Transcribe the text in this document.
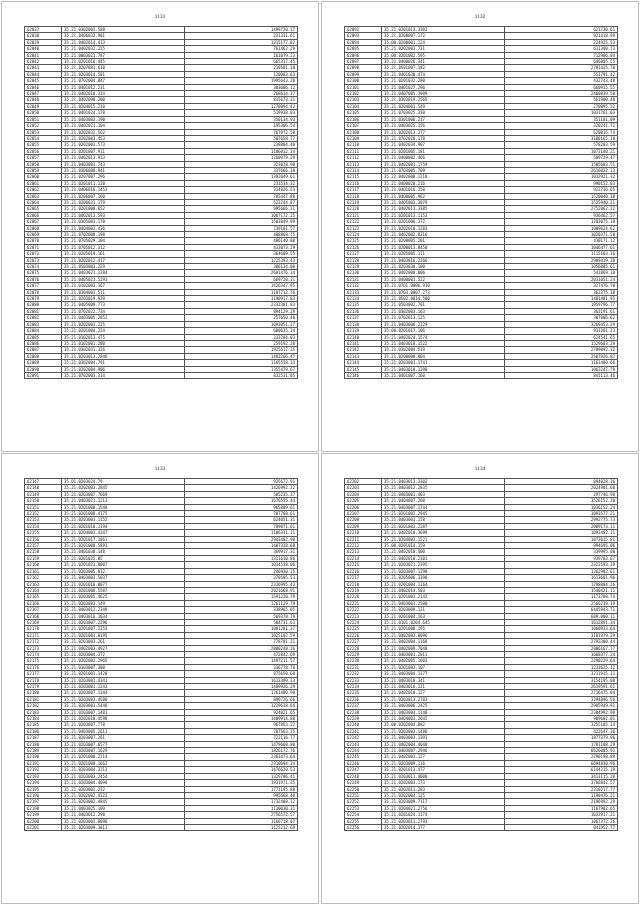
1131
62037	35.21.0302003.588	1499720.17
62038	35.21.0406032.901	231331.61
62039	35.21.0402014.413	1315177.82
62040	35.21.0402032.225	761462.29
62041	35.21.0003021.787	161079.23
62042	35.21.0201016.445	665317.45
62043	35.21.0207081.610	210501.18
62044	35.21.0203014.581	120083.63
62045	35.21.0702004.847	1995643.20
62046	35.21.0401012.231	303606.12
62047	35.21.0402018.314	268634.37
62048	35.21.0402098.200	815673.31
62049	35.21.0204015.210	1270894.42
62050	35.21.0401024.178	519938.83
62051	35.21.0403083.190	350134.93
62052	35.21.0402021.104	195306.54
62053	35.21.0202032.562	767972.58
62054	35.21.0202003.453	507658.77
62055	35.21.0202003.573	238804.40
62056	35.21.0201007.911	1186012.34
62057	35.21.0402013.913	1260979.29
62058	35.21.0403081.743	323028.90
62059	35.21.0306008.941	337666.38
62060	35.21.0207007.296	1392049.61
62061	35.21.0201011.128	231534.32
62062	35.21.0406016.1453	314826.53
62063	35.21.0206007.160	705447.80
62064	35.21.0206031.179	522244.87
62065	35.21.0201008.652	995666.31
62066	35.21.0402013.593	1067172.25
62067	35.21.0305003.170	1503849.99
62068	35.21.0404002.436	739101.57
62069	35.21.0702008.198	408868.75
62070	35.21.0705029.104	486140.80
62071	35.21.0705012.312	433073.29
62072	35.21.0205019.161	364609.55
62073	35.21.0202012.417	1225393.43
62074	35.21.0503003.229	306134.00
62075	35.21.0403021.1284	2601476.34
62076	35.21.0405021.5291	669720.31
62077	35.21.0102003.167	1426347.95
62078	35.21.0304003.511	1107712.76
62079	35.21.0203019.939	1190917.83
62080	35.21.0405009.773	2332301.83
62081	35.21.0702022.734	894129.29
62082	35.21.0403005.2852	257650.40
62083	35.21.0202003.225	1093051.27
62084	35.21.0201004.224	600635.34
62085	35.21.0102013.475	333284.03
62086	35.21.0102001.280	259192.20
62087	35.21.0302031.326	1925617.35
62088	35.21.0203013.2846	1482266.47
62089	35.21.0302004.791	1165558.33
62090	35.21.0202004.906	1355479.67
62091	35.21.0702003.314	832531.05
1132
62092	35.21.0201013.3302	621730.61
62093	35.21.0208007.172	921418.99
62094	35.00.0200001.124	224925.53
62095	35.21.0202003.731	611390.73
62096	35.00.0201002.595	712906.04
62097	35.21.0400026.341	646805.55
62098	35.21.0501007.182	2781425.70
62099	35.21.0401030.474	551791.42
62100	35.21.0201032.280	432743.48
62101	35.21.0401027.296	660915.55
62102	35.21.0407005.3909	2460839.50
62103	35.21.0303019.2565	561900.48
62104	35.21.0204001.549	270895.52
62105	35.21.0703025.330	1031761.03
62106	35.21.0301006.217	351101.09
62107	35.21.0403025.156	320241.72
62108	35.21.0202013.377	620015.74
62109	35.21.0702028.178	3100165.10
62110	35.21.0402034.907	578203.59
62111	35.21.0201005.181	1073140.21
62112	35.21.0400002.466	509729.47
62113	35.21.0402001.1759	1505683.51
62114	35.21.0703005.709	2616032.13
62115	35.22.0402008.1218	1032921.32
62116	35.21.0400020.216	990152.03
62117	35.21.0401016.258	922716.65
62118	35.21.0400005.962	1520040.38
62119	35.21.0405003.3079	1525940.21
62120	35.21.0402013.3385	2752062.22
62121	35.21.0201013.1153	936462.57
62122	35.21.0201006.372	1283075.18
62123	35.21.0202018.1283	1009624.62
62124	35.21.0402002.0316	1020371.58
62125	35.21.0200005.201	430171.12
62126	35.21.0200013.0450	1046477.61
62127	35.21.0205005.111	1115103.16
62128	35.21.0403016.2266	2989419.20
62129	35.21.0203030.100	1056085.61
62130	35.21.0402008.006	541869.18
62131	35.21.0400001.522	2031051.24
62132	35.21.0701.0006.910	327476.70
62133	35.21.0703.0007.273	362375.38
62134	35.21.0502.0014.500	1401481.95
62135	35.21.0503002.701	1959796.77
62136	35.21.0302003.163	363191.61
62137	35.21.0702013.125	307006.62
62138	35.21.0403006.2229	3269453.29
62139	35.00.0201017.106	931281.23
62140	35.21.0402024.1574	624541.65
62141	35.21.0403018.1522	1529603.29
62142	35.21.0302004.519	2789092.32
62143	35.21.0200008.004	2507926.87
62144	35.21.0203001.1741	1161400.66
62145	35.21.0403018.1290	1062247.79
62146	35.21.0401007.160	841113.46
1133
62147	35.01.0203024.79	935672.91
62148	35.21.0202003.2845	1426992.32
62149	35.21.0203007.7669	505235.37
62150	35.21.0403021.1213	1676555.44
62151	35.21.0201008.1548	965889.61
62152	35.21.0201008.4175	707768.61
62153	35.21.0203001.1152	624051.31
62154	35.21.0201010.1194	789871.61
62155	35.21.0204003.4347	1106331.11
62156	35.21.0201017.1861	2943482.90
62157	35.21.0201000.5891	1407328.68
62158	35.21.0401030.148	369917.31
62159	35.21.0201025.85	1311610.86
62160	35.21.0201023.8007	1034538.06
62161	35.21.0203005.832	246930.15
62162	35.21.0403003.5037	370585.53
62163	35.21.0201016.8077	2316995.43
62164	35.21.0201006.5587	2021668.91
62165	35.21.0203005.4625	1591220.79
62166	35.21.0203003.149	1261129.79
62167	35.21.0403012.2349	338965.05
62168	35.21.0403016.1034	569378.79
62169	35.21.0203007.2296	504731.63
62170	35.21.0201007.2253	1081281.37
62171	35.21.0201001.0195	1025102.59
62172	35.21.0203003.261	778781.21
62173	35.21.0402003.4927	2880248.26
62174	35.21.0203004.372	472842.69
62175	35.21.0202002.2965	1497211.57
62176	35.21.0103007.308	336778.78
62177	35.21.0201001.1420	875650.60
62178	35.21.0203001.4341	1613399.23
62179	35.21.0203001.1243	1489926.29
62180	35.21.0203007.1344	1261480.90
62181	35.21.0203003.4586	899726.66
62182	35.21.0203001.5448	1229638.64
62183	35.21.0203007.1481	924021.65
62184	35.21.0202010.4598	1409914.88
62185	35.21.0203007.778	967853.22
62186	35.21.0403005.2611	707563.35
62187	35.21.0203007.261	722116.77
62188	35.21.0203007.6577	1479660.80
62189	35.21.0203007.1629	1826172.76
62190	35.21.0201000.2214	2363473.64
62191	35.21.0201008.1662	2310694.34
62192	35.21.0203004.3213	1476620.53
62193	35.21.0203003.2454	1329706.41
62194	35.21.0203004.4094	1931971.35
62195	35.21.0203002.232	1771195.88
62196	35.21.0202002.4322	995668.48
62197	35.21.0203002.4845	1732408.12
62198	35.21.0403025.109	1130030.31
62199	35.21.0403012.298	2756572.57
62200	35.21.0203003.8096	1166718.07
62201	35.21.0203009.3813	1125212.69
1134
62202	35.21.0403013.3302	894028.36
62203	35.21.0403012.2835	2024901.60
62204	35.21.0403001.403	297746.98
62205	35.21.0404007.268	3526152.20
62206	35.21.0403007.1744	1036152.24
62207	35.21.0201002.2945	1093577.21
62208	35.21.0403001.158	2992775.73
62209	35.21.0201003.2287	2089173.11
62210	35.21.0402010.3699	1092482.11
62211	35.21.0204003.1521	1073015.81
62212	35.00.0201014.159	994695.06
62213	35.21.0402010.400	339995.08
62214	35.21.0402010.2101	939783.67
62215	35.21.0203021.2395	2322593.39
62216	35.21.0203007.1290	1262982.61
62217	35.21.0205006.3390	1613601.96
62218	35.21.0201004.1164	1798884.26
62219	35.21.0402014.503	1540421.11
62220	35.21.0201003.2142	1173708.74
62221	35.21.0403001.2500	2566219.19
62222	35.21.0203009.121	6445943.71
62223	35.21.0201004.163	689.000.11
62224	35.21.0101.0204.645	1612891.34
62225	35.21.0201008.195	1060933.64
62226	35.21.0402003.0096	3181979.29
62227	35.21.0402004.1168	2792300.44
62228	35.21.0402009.7048	2806167.77
62229	35.21.0403001.2011	1668377.24
62230	35.21.0402005.1603	2290229.64
62231	35.21.0201003.107	1233625.12
62232	35.21.0403004.1177	3211915.11
62233	35.21.0403010.341	3154195.08
62234	35.21.0403016.121	2619591.61
62235	35.21.0402010.127	2716475.04
62236	35.21.0203013.2783	3294896.56
62237	35.21.0403006.2425	2985949.91
62238	35.21.0403004.1148	2384992.99
62239	35.21.0404003.2645	909602.01
62240	35.00.0202004.882	3255105.14
62241	35.21.0203003.1486	422647.36
62242	35.21.0403003.1393	1877379.96
62243	35.21.0402004.4048	1781188.29
62244	35.21.0403007.2946	6626005.91
62245	35.21.0402003.127	2790198.89
62246	35.21.0203009.116	6694830.96
62247	35.21.0201013.477	6144215.19
62248	35.21.0203011.4000	3413115.20
62249	35.21.0202003.173	3766842.57
62250	35.21.0202011.283	2210217.77
62251	35.21.0202004.125	1190476.21
62252	35.21.0203009.7117	2196992.29
62253	35.21.0204021.2756	1167902.65
62254	35.21.0201024.1174	1033917.21
62255	35.21.0203011.2793	1067372.26
62256	35.21.0202014.377	841952.77
